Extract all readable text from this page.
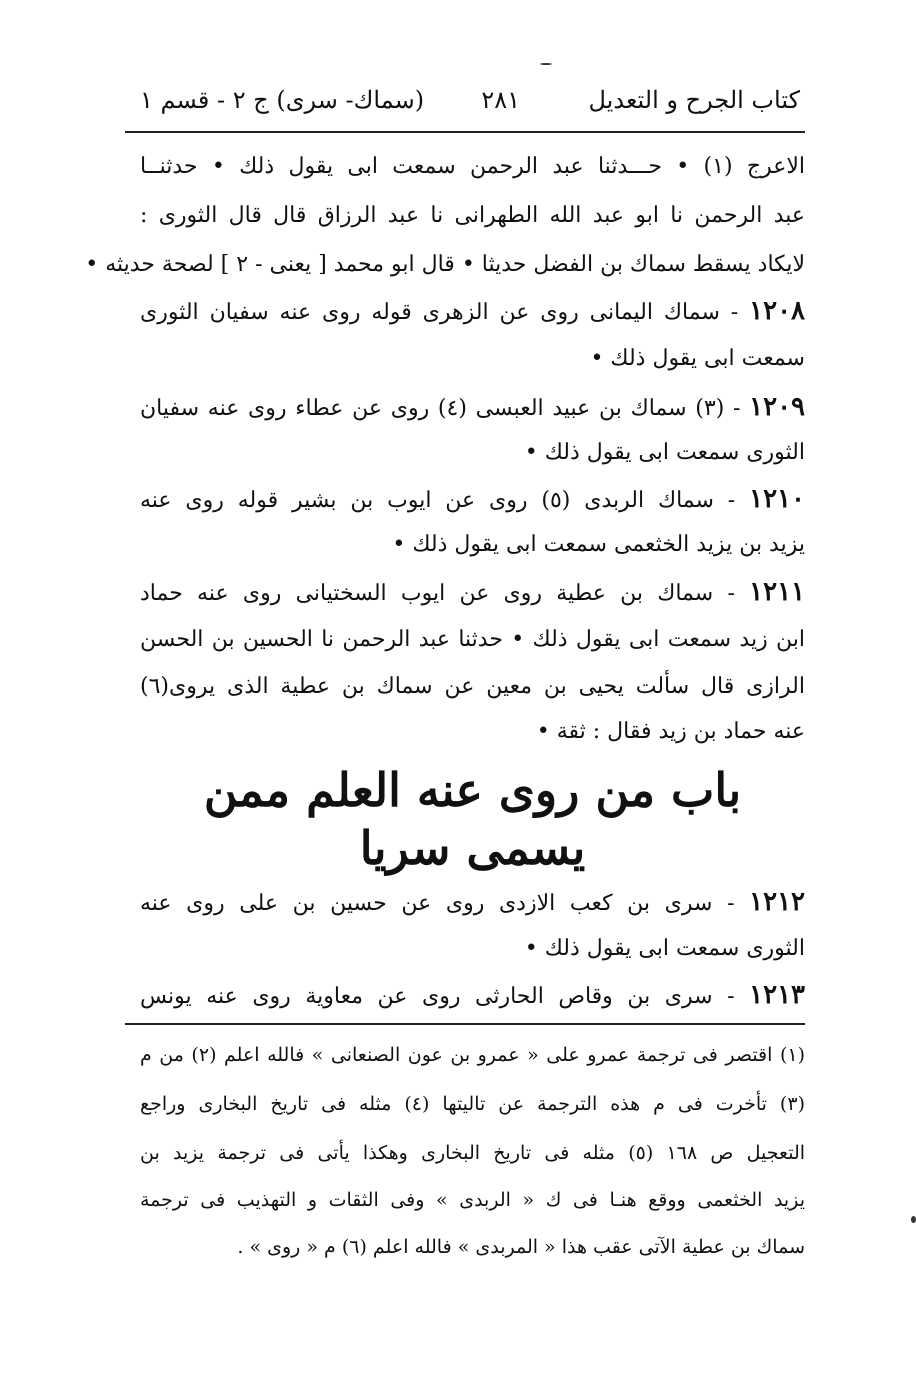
كتاب الجرح و التعديل
٢٨١
(سماك- سرى) ج ٢ - قسم ١
الاعرج (١) • حـــدثنا عبد الرحمن سمعت ابى يقول ذلك • حدثنــا
عبد الرحمن نا ابو عبد الله الطهرانى نا عبد الرزاق قال قال الثورى :
لايكاد يسقط سماك بن الفضل حديثا • قال ابو محمد [ يعنى - ٢ ] لصحة حديثه •
١٢٠٨ - سماك اليمانى روى عن الزهرى قوله روى عنه سفيان الثورى
سمعت ابى يقول ذلك •
١٢٠٩ - (٣) سماك بن عبيد العبسى (٤) روى عن عطاء روى عنه سفيان
الثورى سمعت ابى يقول ذلك •
١٢١٠ - سماك الربدى (٥) روى عن ايوب بن بشير قوله روى عنه
يزيد بن يزيد الخثعمى سمعت ابى يقول ذلك •
١٢١١ - سماك بن عطية روى عن ايوب السختيانى روى عنه حماد
ابن زيد سمعت ابى يقول ذلك • حدثنا عبد الرحمن نا الحسين بن الحسن
الرازى قال سألت يحيى بن معين عن سماك بن عطية الذى يروى(٦)
عنه حماد بن زيد فقال : ثقة •
باب من روى عنه العلم ممن
يسمى سريا
١٢١٢ - سرى بن كعب الازدى روى عن حسين بن على روى عنه
الثورى سمعت ابى يقول ذلك •
١٢١٣ - سرى بن وقاص الحارثى روى عن معاوية روى عنه يونس
(١) اقتصر فى ترجمة عمرو على « عمرو بن عون الصنعانى » فالله اعلم (٢) من م
(٣) تأخرت فى م هذه الترجمة عن تاليتها (٤) مثله فى تاريخ البخارى وراجع
التعجيل ص ١٦٨ (٥) مثله فى تاريخ البخارى وهكذا يأتى فى ترجمة يزيد بن
يزيد الخثعمى ووقع هنـا فى ك « الربدى » وفى الثقات و التهذيب فى ترجمة
سماك بن عطية الآتى عقب هذا « المربدى » فالله اعلم (٦) م « روى » .
